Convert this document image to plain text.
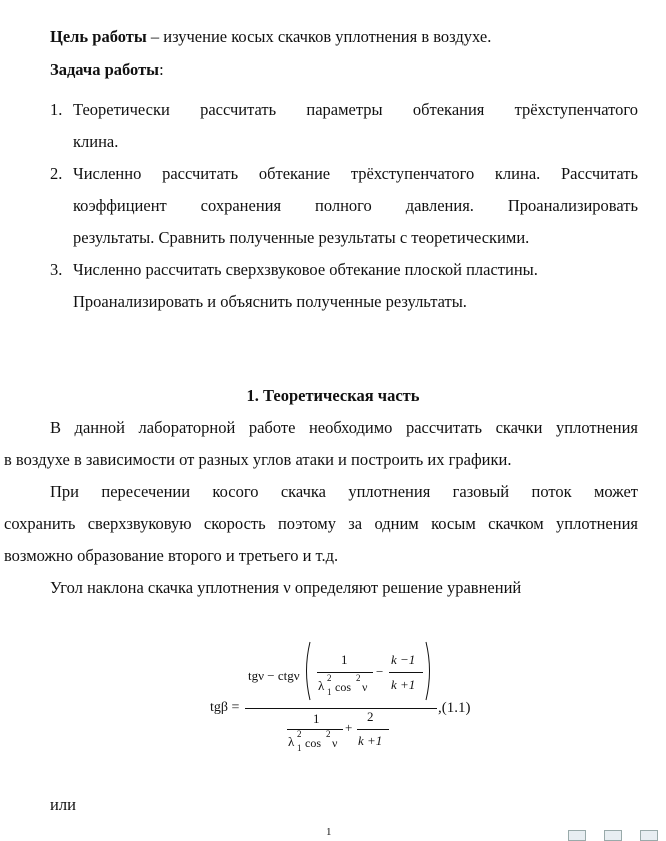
Цель работы – изучение косых скачков уплотнения в воздухе.
Задача работы:
1. Теоретически рассчитать параметры обтекания трёхступенчатого
клина.
2. Численно рассчитать обтекание трёхступенчатого клина. Рассчитать
коэффициент сохранения полного давления. Проанализировать
результаты. Сравнить полученные результаты с теоретическими.
3. Численно рассчитать сверхзвуковое обтекание плоской пластины.
Проанализировать и объяснить полученные результаты.
1. Теоретическая часть
В данной лабораторной работе необходимо рассчитать скачки уплотнения
в воздухе в зависимости от разных углов атаки и построить их графики.
При пересечении косого скачка уплотнения газовый поток может
сохранить сверхзвуковую скорость поэтому за одним косым скачком уплотнения
возможно образование второго и третьего и т.д.
Угол наклона скачка уплотнения ν определяют решение уравнений
tgβ =
tgν − ctgν
1
λ 2
1 cos
2
ν
−
k −1
k +1
1
λ 2
1 cos
2
ν
+
2
k +1
,(1.1)
или
1
